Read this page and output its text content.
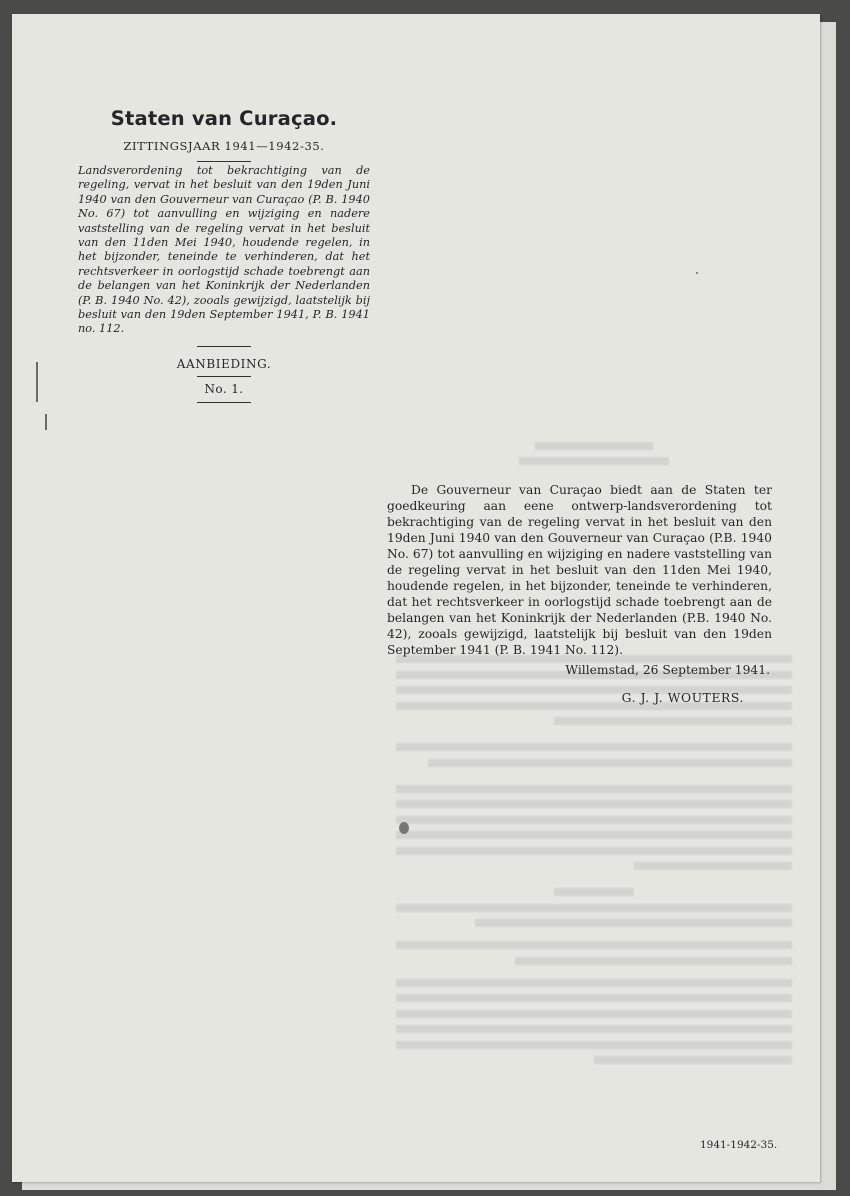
Staten van Curaçao.
ZITTINGSJAAR 1941—1942-35.

Landsverordening tot bekrachtiging van de regeling, vervat in het besluit van den 19den Juni 1940 van den Gouverneur van Curaçao (P. B. 1940 No. 67) tot aanvulling en wijziging en nadere vaststelling van de regeling vervat in het besluit van den 11den Mei 1940, houdende regelen, in het bijzonder, teneinde te verhinderen, dat het rechtsverkeer in oorlogstijd schade toebrengt aan de belangen van het Koninkrijk der Nederlanden (P. B. 1940 No. 42), zooals gewijzigd, laatstelijk bij besluit van den 19den September 1941, P. B. 1941 no. 112.

AANBIEDING.
No. 1.

De Gouverneur van Curaçao biedt aan de Staten ter goedkeuring aan eene ontwerp-landsverordening tot bekrachtiging van de regeling vervat in het besluit van den 19den Juni 1940 van den Gouverneur van Curaçao (P.B. 1940 No. 67) tot aanvulling en wijziging en nadere vaststelling van de regeling vervat in het besluit van den 11den Mei 1940, houdende regelen, in het bijzonder, teneinde te verhinderen, dat het rechtsverkeer in oorlogstijd schade toebrengt aan de belangen van het Koninkrijk der Nederlanden (P.B. 1940 No. 42), zooals gewijzigd, laatstelijk bij besluit van den 19den September 1941 (P. B. 1941 No. 112).

Willemstad, 26 September 1941.
G. J. J. WOUTERS.
1941-1942-35.
